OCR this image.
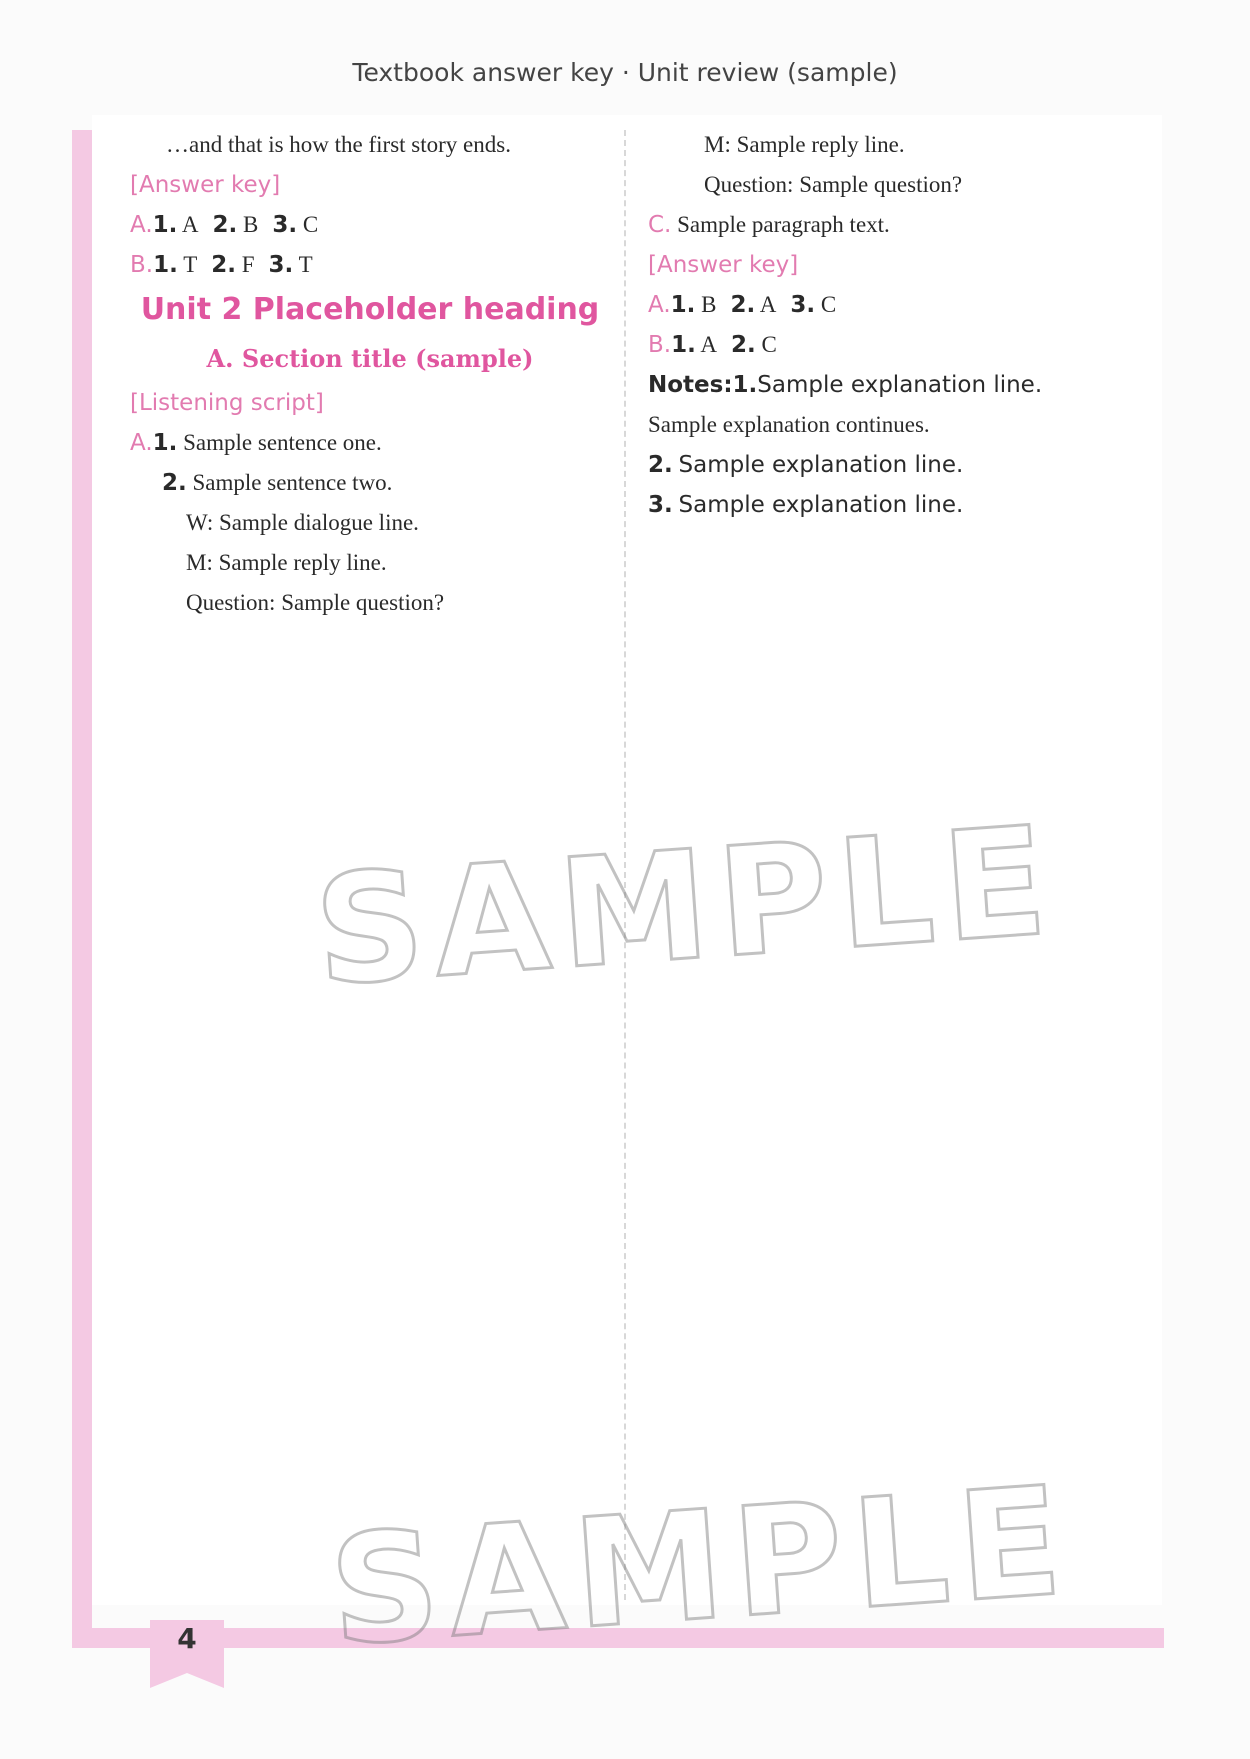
Textbook answer key · Unit review (sample)
…and that is how the first story ends.
[Answer key]
A.1. A 2. B 3. C
B.1. T 2. F 3. T
Unit 2 Placeholder heading
A. Section title (sample)
[Listening script]
A.1. Sample sentence one.
2. Sample sentence two.
W: Sample dialogue line.
M: Sample reply line.
Question: Sample question?
M: Sample reply line.
Question: Sample question?
C. Sample paragraph text.
[Answer key]
A.1. B 2. A 3. C
B.1. A 2. C
Notes:1.Sample explanation line.
Sample explanation continues.
2. Sample explanation line.
3. Sample explanation line.
SAMPLE
SAMPLE
4
